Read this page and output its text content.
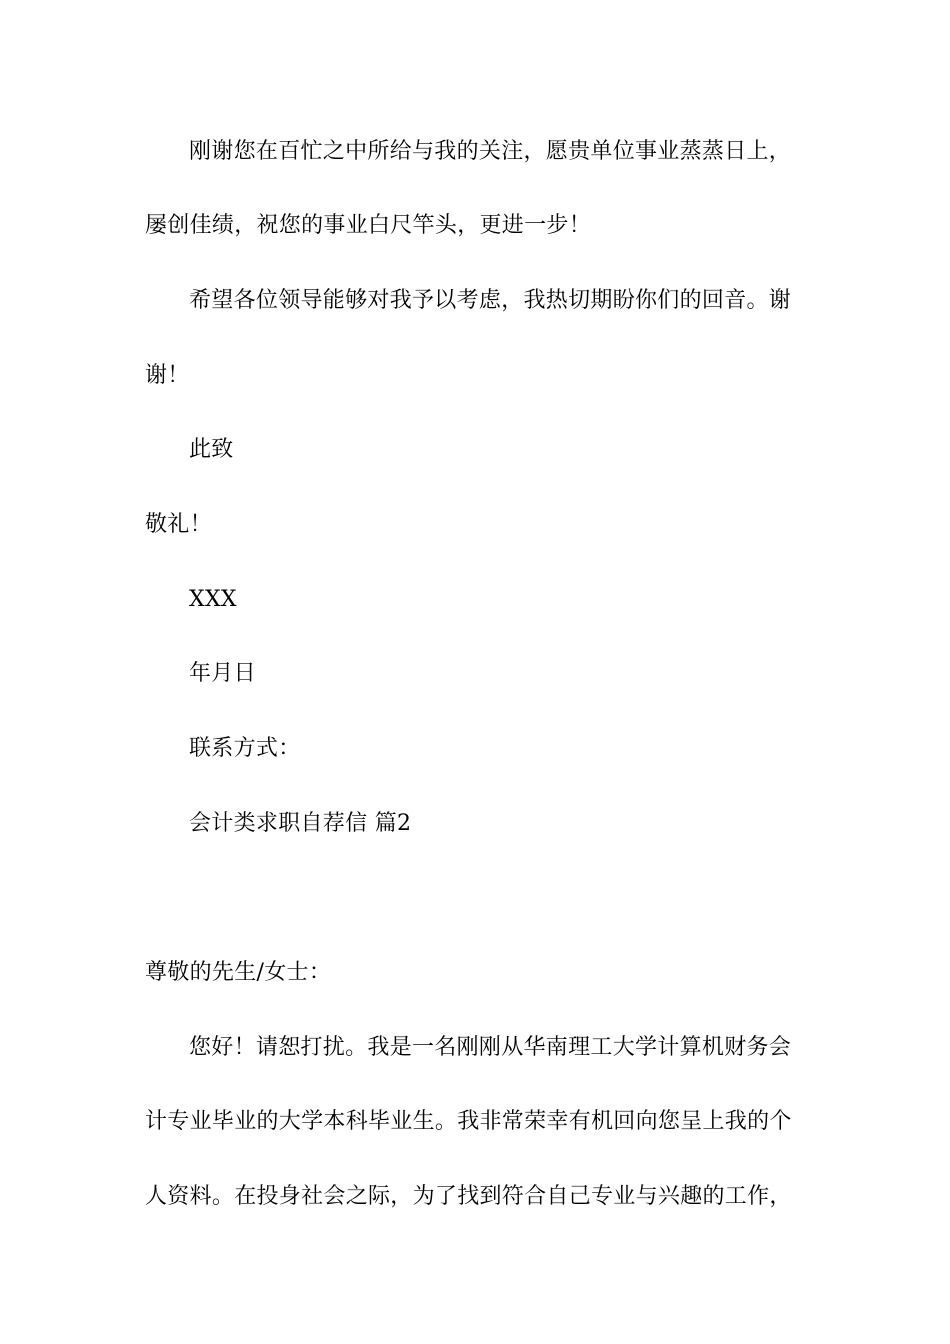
刚谢您在百忙之中所给与我的关注，愿贵单位事业蒸蒸日上，
屡创佳绩，祝您的事业白尺竿头，更进一步！
希望各位领导能够对我予以考虑，我热切期盼你们的回音。谢
谢！
此致
敬礼！
XXX
年月日
联系方式：
会计类求职自荐信 篇2
尊敬的先生/女士：
您好！请恕打扰。我是一名刚刚从华南理工大学计算机财务会
计专业毕业的大学本科毕业生。我非常荣幸有机回向您呈上我的个
人资料。在投身社会之际，为了找到符合自己专业与兴趣的工作，
